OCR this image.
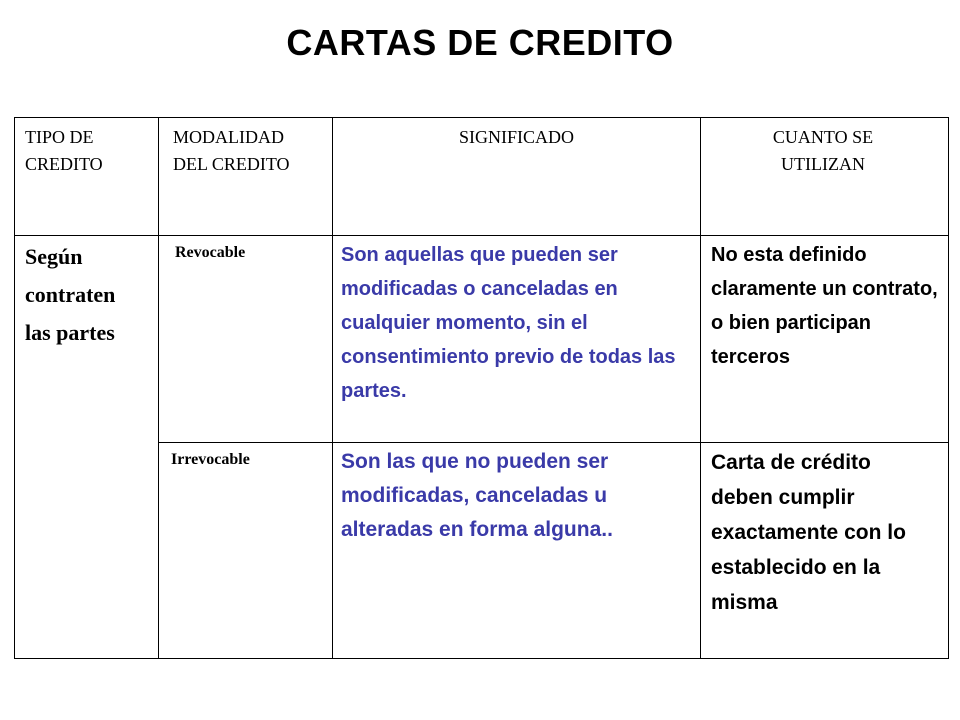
CARTAS DE CREDITO
TIPO DE CREDITO	MODALIDAD DEL CREDITO	SIGNIFICADO	CUANTO SE UTILIZAN

Según contraten las partes	Revocable	Son aquellas que pueden ser modificadas o canceladas en cualquier momento, sin el consentimiento previo de todas las partes.	No esta definido claramente un contrato, o bien participan terceros

	Irrevocable	Son las que no pueden ser modificadas, canceladas u alteradas en forma alguna..	Carta de crédito deben cumplir exactamente con lo establecido en la misma
